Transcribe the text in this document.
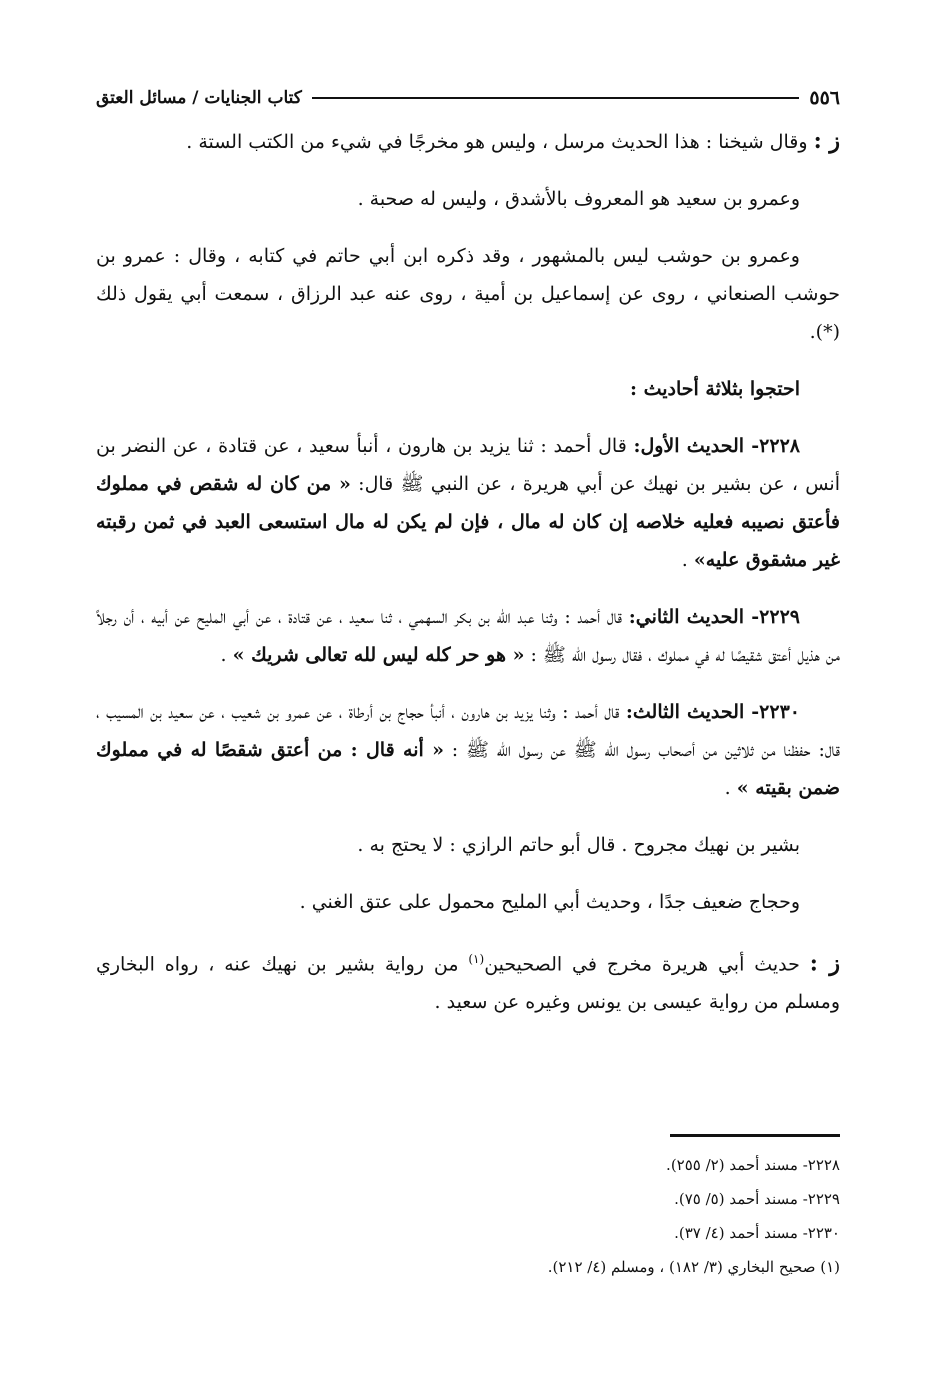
٥٥٦
كتاب الجنايات / مسائل العتق

ز : وقال شيخنا : هذا الحديث مرسل ، وليس هو مخرجًا في شيء من الكتب الستة .

وعمرو بن سعيد هو المعروف بالأشدق ، وليس له صحبة .

وعمرو بن حوشب ليس بالمشهور ، وقد ذكره ابن أبي حاتم في كتابه ، وقال : عمرو بن حوشب الصنعاني ، روى عن إسماعيل بن أمية ، روى عنه عبد الرزاق ، سمعت أبي يقول ذلك (*).

احتجوا بثلاثة أحاديث :

٢٢٢٨- الحديث الأول: قال أحمد : ثنا يزيد بن هارون ، أنبأ سعيد ، عن قتادة ، عن النضر بن أنس ، عن بشير بن نهيك عن أبي هريرة ، عن النبي ﷺ قال: « من كان له شقص في مملوك فأعتق نصيبه فعليه خلاصه إن كان له مال ، فإن لم يكن له مال استسعى العبد في ثمن رقبته غير مشقوق عليه» .

٢٢٢٩- الحديث الثاني: قال أحمد : وثنا عبد الله بن بكر السهمي ، ثنا سعيد ، عن قتادة ، عن أبي المليح عن أبيه ، أن رجلاً من هذيل أعتق شقيصًا له في مملوك ، فقال رسول الله ﷺ : « هو حر كله ليس لله تعالى شريك » .

٢٢٣٠- الحديث الثالث: قال أحمد : وثنا يزيد بن هارون ، أنبأ حجاج بن أرطاة ، عن عمرو بن شعيب ، عن سعيد بن المسيب ، قال: حفظنا من ثلاثين من أصحاب رسول الله ﷺ عن رسول الله ﷺ : « أنه قال : من أعتق شقصًا له في مملوك ضمن بقيته » .

بشير بن نهيك مجروح . قال أبو حاتم الرازي : لا يحتج به .

وحجاج ضعيف جدًا ، وحديث أبي المليح محمول على عتق الغني .

ز : حديث أبي هريرة مخرج في الصحيحين$^{(١)}$ من رواية بشير بن نهيك عنه ، رواه البخاري ومسلم من رواية عيسى بن يونس وغيره عن سعيد .

٢٢٢٨- مسند أحمد (٢/ ٢٥٥).
٢٢٢٩- مسند أحمد (٥/ ٧٥).
٢٢٣٠- مسند أحمد (٤/ ٣٧).
(١) صحيح البخاري (٣/ ١٨٢) ، ومسلم (٤/ ٢١٢).
